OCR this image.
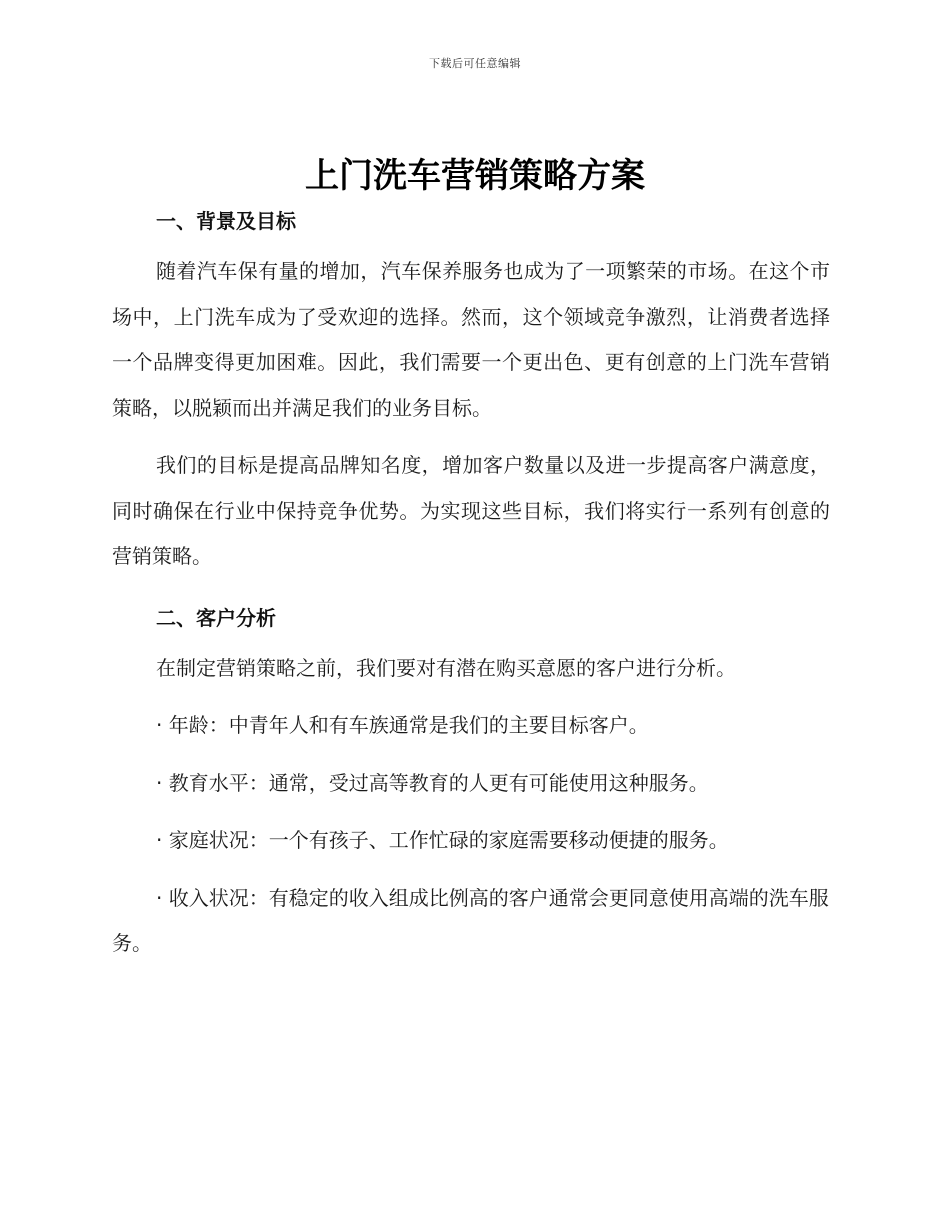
下载后可任意编辑
上门洗车营销策略方案
一、背景及目标

随着汽车保有量的增加，汽车保养服务也成为了一项繁荣的市场。在这个市场中，上门洗车成为了受欢迎的选择。然而，这个领域竞争激烈，让消费者选择一个品牌变得更加困难。因此，我们需要一个更出色、更有创意的上门洗车营销策略，以脱颖而出并满足我们的业务目标。

我们的目标是提高品牌知名度，增加客户数量以及进一步提高客户满意度，同时确保在行业中保持竞争优势。为实现这些目标，我们将实行一系列有创意的营销策略。

二、客户分析

在制定营销策略之前，我们要对有潜在购买意愿的客户进行分析。

· 年龄：中青年人和有车族通常是我们的主要目标客户。

· 教育水平：通常，受过高等教育的人更有可能使用这种服务。

· 家庭状况：一个有孩子、工作忙碌的家庭需要移动便捷的服务。

· 收入状况：有稳定的收入组成比例高的客户通常会更同意使用高端的洗车服务。
